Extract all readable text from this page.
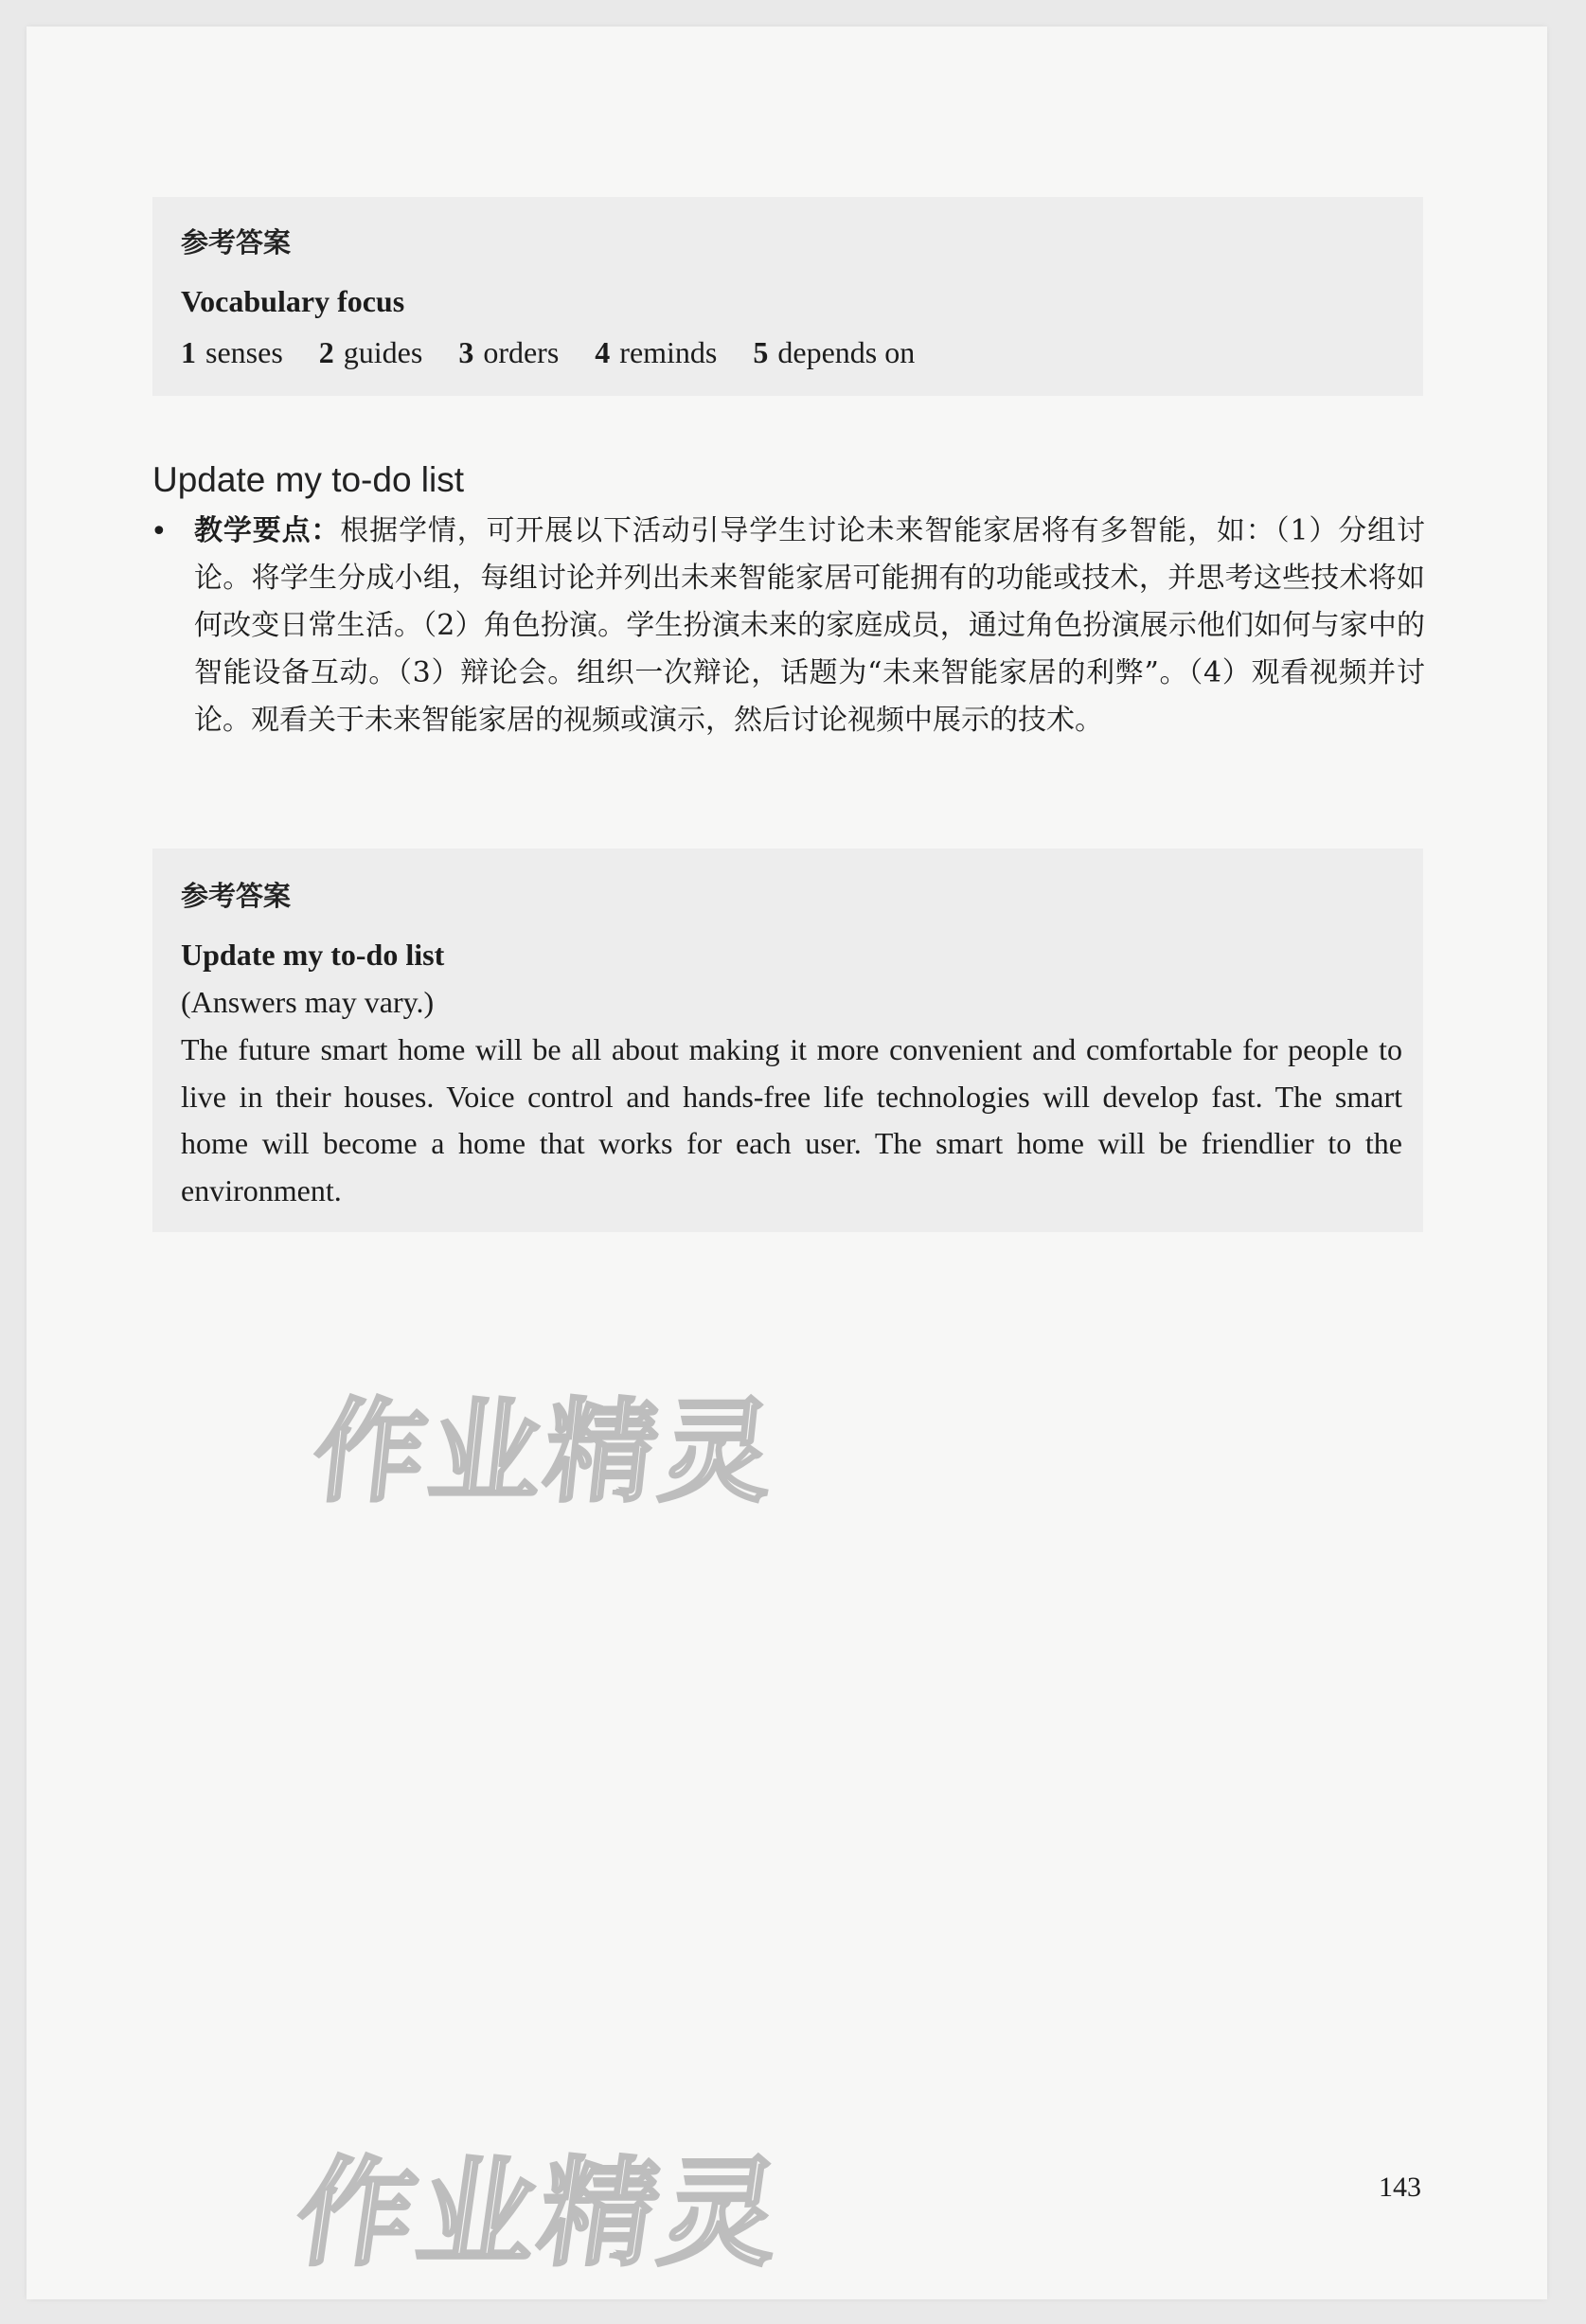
参考答案
Vocabulary focus
1 senses 2 guides 3 orders 4 reminds 5 depends on
Update my to-do list
• 教学要点：根据学情，可开展以下活动引导学生讨论未来智能家居将有多智能，如：（1）分组讨论。将学生分成小组，每组讨论并列出未来智能家居可能拥有的功能或技术，并思考这些技术将如何改变日常生活。（2）角色扮演。学生扮演未来的家庭成员，通过角色扮演展示他们如何与家中的智能设备互动。（3）辩论会。组织一次辩论，话题为“未来智能家居的利弊”。（4）观看视频并讨论。观看关于未来智能家居的视频或演示，然后讨论视频中展示的技术。
参考答案
Update my to-do list
(Answers may vary.)
The future smart home will be all about making it more convenient and comfortable for people to live in their houses. Voice control and hands-free life technologies will develop fast. The smart home will become a home that works for each user. The smart home will be friendlier to the environment.
作业精灵
作业精灵	143
